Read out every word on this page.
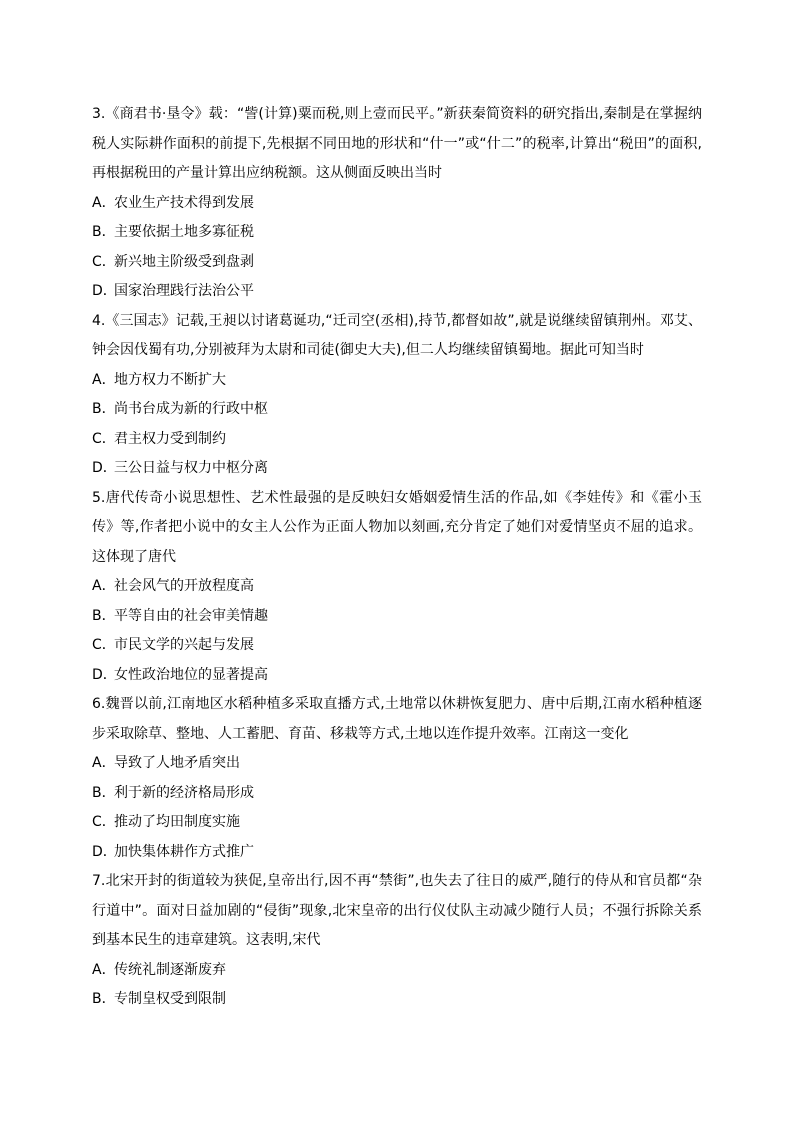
3.《商君书·垦令》载：“訾(计算)粟而税,则上壹而民平。”新获秦简资料的研究指出,秦制是在掌握纳税人实际耕作面积的前提下,先根据不同田地的形状和“什一”或“什二”的税率,计算出“税田”的面积,再根据税田的产量计算出应纳税额。这从侧面反映出当时

A．农业生产技术得到发展

B．主要依据土地多寡征税

C．新兴地主阶级受到盘剥

D．国家治理践行法治公平

4.《三国志》记载,王昶以讨诸葛诞功,“迁司空(丞相),持节,都督如故”,就是说继续留镇荆州。邓艾、钟会因伐蜀有功,分别被拜为太尉和司徒(御史大夫),但二人均继续留镇蜀地。据此可知当时

A．地方权力不断扩大

B．尚书台成为新的行政中枢

C．君主权力受到制约

D．三公日益与权力中枢分离

5.唐代传奇小说思想性、艺术性最强的是反映妇女婚姻爱情生活的作品,如《李娃传》和《霍小玉传》等,作者把小说中的女主人公作为正面人物加以刻画,充分肯定了她们对爱情坚贞不屈的追求。这体现了唐代

A．社会风气的开放程度高

B．平等自由的社会审美情趣

C．市民文学的兴起与发展

D．女性政治地位的显著提高

6.魏晋以前,江南地区水稻种植多采取直播方式,土地常以休耕恢复肥力、唐中后期,江南水稻种植逐步采取除草、整地、人工蓄肥、育苗、移栽等方式,土地以连作提升效率。江南这一变化

A．导致了人地矛盾突出

B．利于新的经济格局形成

C．推动了均田制度实施

D．加快集体耕作方式推广

7.北宋开封的街道较为狭促,皇帝出行,因不再“禁街”,也失去了往日的威严,随行的侍从和官员都“杂行道中”。面对日益加剧的“侵街”现象,北宋皇帝的出行仪仗队主动减少随行人员；不强行拆除关系到基本民生的违章建筑。这表明,宋代

A．传统礼制逐渐废弃

B．专制皇权受到限制
